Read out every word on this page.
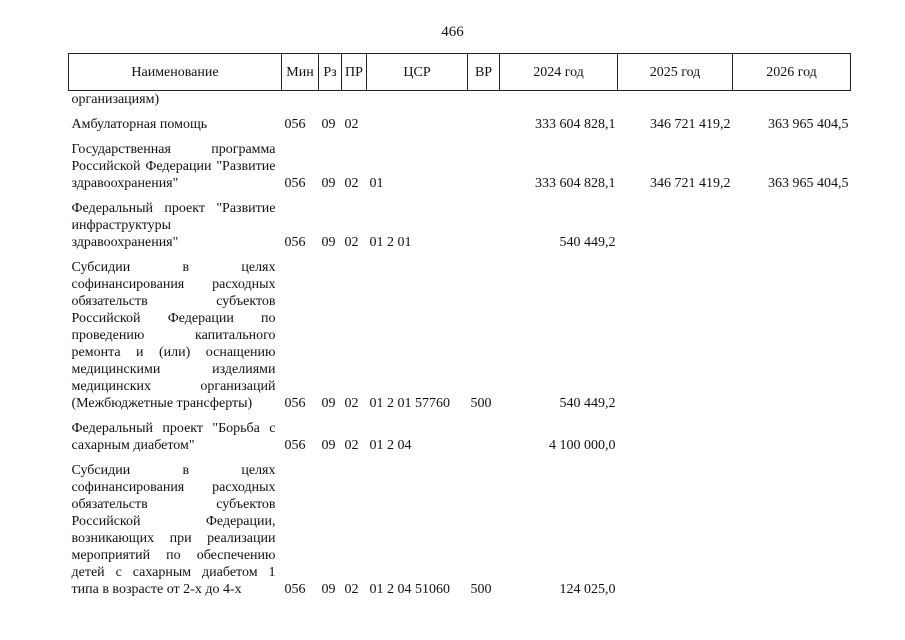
466
Наименование	Мин	Рз	ПР	ЦСР	ВР	2024 год	2025 год	2026 год
организациям)								

Амбулаторная помощь	056	09	02			333 604 828,1	346 721 419,2	363 965 404,5

Государственная программа Российской Федерации "Развитие здравоохранения"	056	09	02	01		333 604 828,1	346 721 419,2	363 965 404,5

Федеральный проект "Развитие инфраструктуры здравоохранения"	056	09	02	01 2 01		540 449,2		

Субсидии в целях софинансирования расходных обязательств субъектов Российской Федерации по проведению капитального ремонта и (или) оснащению медицинскими изделиями медицинских организаций (Межбюджетные трансферты)	056	09	02	01 2 01 57760	500	540 449,2		

Федеральный проект "Борьба с сахарным диабетом"	056	09	02	01 2 04		4 100 000,0		

Субсидии в целях софинансирования расходных обязательств субъектов Российской Федерации, возникающих при реализации мероприятий по обеспечению детей с сахарным диабетом 1 типа в возрасте от 2-х до 4-х	056	09	02	01 2 04 51060	500	124 025,0		
